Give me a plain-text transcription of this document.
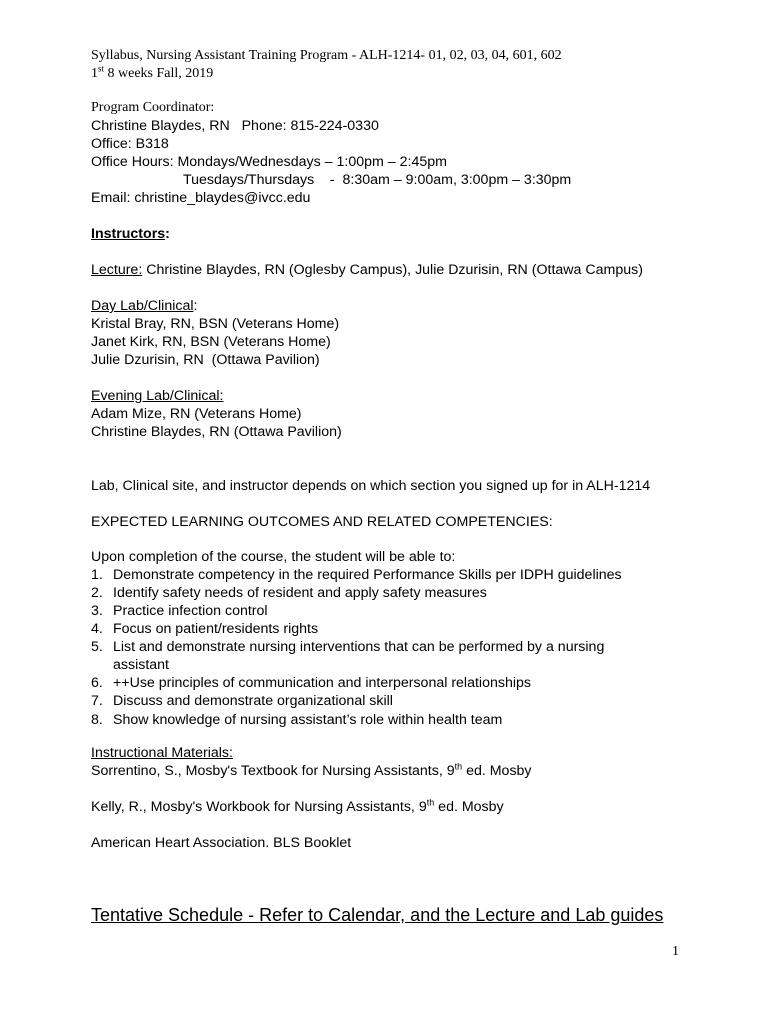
Syllabus, Nursing Assistant Training Program - ALH-1214- 01, 02, 03, 04, 601, 602
1st 8 weeks Fall, 2019
Program Coordinator:
Christine Blaydes, RN   Phone: 815-224-0330
Office: B318
Office Hours: Mondays/Wednesdays – 1:00pm – 2:45pm
Tuesdays/Thursdays    -  8:30am – 9:00am, 3:00pm – 3:30pm
Email: christine_blaydes@ivcc.edu
Instructors:
Lecture: Christine Blaydes, RN (Oglesby Campus), Julie Dzurisin, RN (Ottawa Campus)
Day Lab/Clinical:
Kristal Bray, RN, BSN (Veterans Home)
Janet Kirk, RN, BSN (Veterans Home)
Julie Dzurisin, RN  (Ottawa Pavilion)
Evening Lab/Clinical:
Adam Mize, RN (Veterans Home)
Christine Blaydes, RN (Ottawa Pavilion)
Lab, Clinical site, and instructor depends on which section you signed up for in ALH-1214
EXPECTED LEARNING OUTCOMES AND RELATED COMPETENCIES:
Upon completion of the course, the student will be able to:
1. Demonstrate competency in the required Performance Skills per IDPH guidelines
2. Identify safety needs of resident and apply safety measures
3. Practice infection control
4. Focus on patient/residents rights
5. List and demonstrate nursing interventions that can be performed by a nursing
assistant
6. ++Use principles of communication and interpersonal relationships
7. Discuss and demonstrate organizational skill
8. Show knowledge of nursing assistant’s role within health team
Instructional Materials:
Sorrentino, S., Mosby's Textbook for Nursing Assistants, 9th ed. Mosby
Kelly, R., Mosby's Workbook for Nursing Assistants, 9th ed. Mosby
American Heart Association. BLS Booklet
Tentative Schedule - Refer to Calendar, and the Lecture and Lab guides
1
